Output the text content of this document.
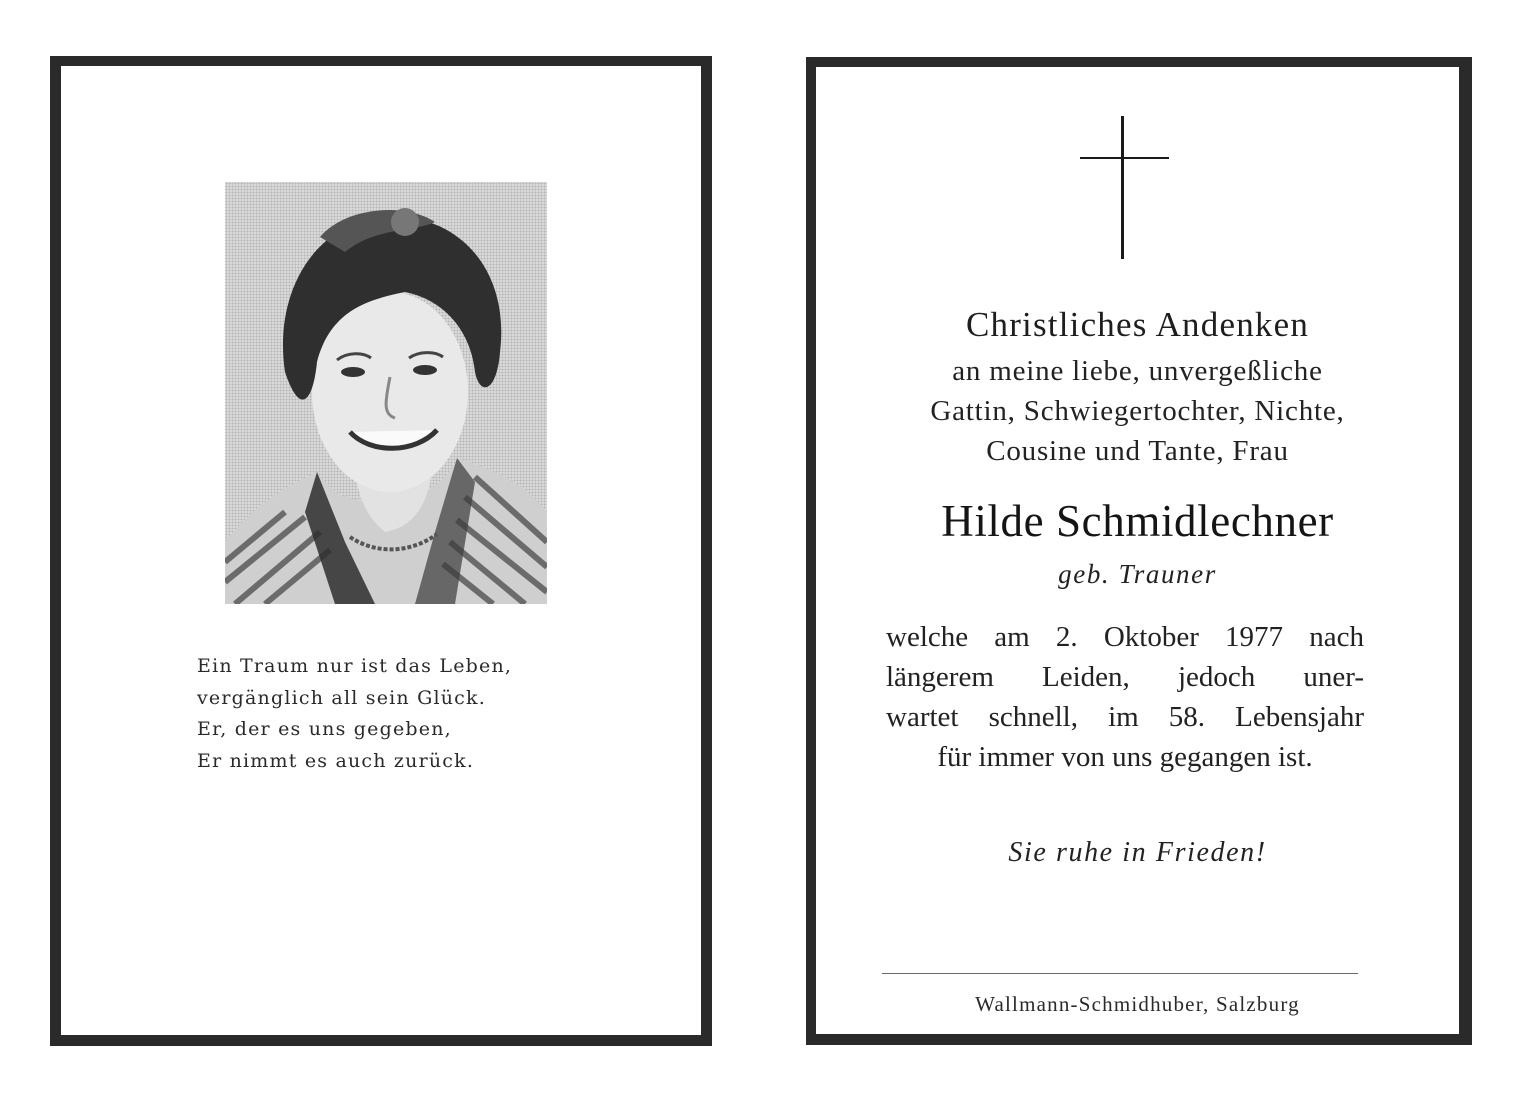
Ein Traum nur ist das Leben,
vergänglich all sein Glück.
Er, der es uns gegeben,
Er nimmt es auch zurück.
Christliches Andenken
an meine liebe, unvergeßliche
Gattin, Schwiegertochter, Nichte,
Cousine und Tante, Frau
Hilde Schmidlechner
geb. Trauner
welche am 2. Oktober 1977 nach
längerem Leiden, jedoch uner-
wartet schnell, im 58. Lebensjahr
für immer von uns gegangen ist.
Sie ruhe in Frieden!
Wallmann-Schmidhuber, Salzburg
